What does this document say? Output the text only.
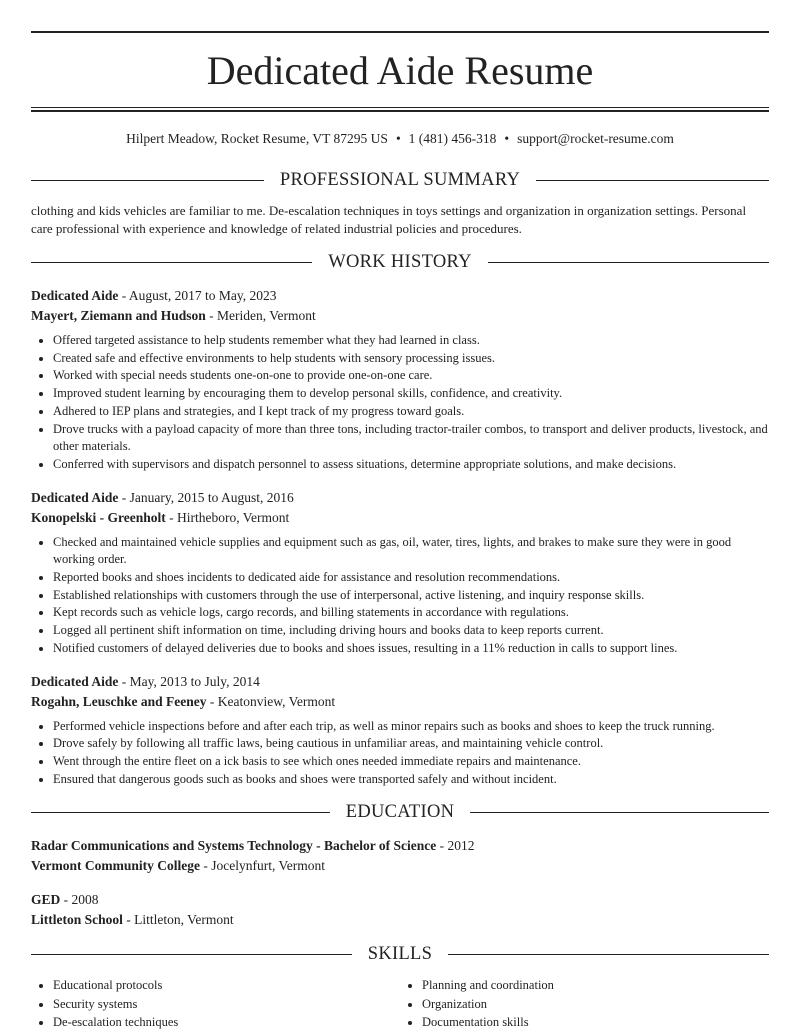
Dedicated Aide Resume
Hilpert Meadow, Rocket Resume, VT 87295 US • 1 (481) 456-318 • support@rocket-resume.com
PROFESSIONAL SUMMARY

clothing and kids vehicles are familiar to me. De-escalation techniques in toys settings and organization in organization settings. Personal care professional with experience and knowledge of related industrial policies and procedures.

WORK HISTORY
Dedicated Aide - August, 2017 to May, 2023
Mayert, Ziemann and Hudson - Meriden, Vermont
• Offered targeted assistance to help students remember what they had learned in class.
• Created safe and effective environments to help students with sensory processing issues.
• Worked with special needs students one-on-one to provide one-on-one care.
• Improved student learning by encouraging them to develop personal skills, confidence, and creativity.
• Adhered to IEP plans and strategies, and I kept track of my progress toward goals.
• Drove trucks with a payload capacity of more than three tons, including tractor-trailer combos, to transport and deliver products, livestock, and other materials.
• Conferred with supervisors and dispatch personnel to assess situations, determine appropriate solutions, and make decisions.
Dedicated Aide - January, 2015 to August, 2016
Konopelski - Greenholt - Hirtheboro, Vermont
• Checked and maintained vehicle supplies and equipment such as gas, oil, water, tires, lights, and brakes to make sure they were in good working order.
• Reported books and shoes incidents to dedicated aide for assistance and resolution recommendations.
• Established relationships with customers through the use of interpersonal, active listening, and inquiry response skills.
• Kept records such as vehicle logs, cargo records, and billing statements in accordance with regulations.
• Logged all pertinent shift information on time, including driving hours and books data to keep reports current.
• Notified customers of delayed deliveries due to books and shoes issues, resulting in a 11% reduction in calls to support lines.
Dedicated Aide - May, 2013 to July, 2014
Rogahn, Leuschke and Feeney - Keatonview, Vermont
• Performed vehicle inspections before and after each trip, as well as minor repairs such as books and shoes to keep the truck running.
• Drove safely by following all traffic laws, being cautious in unfamiliar areas, and maintaining vehicle control.
• Went through the entire fleet on a ick basis to see which ones needed immediate repairs and maintenance.
• Ensured that dangerous goods such as books and shoes were transported safely and without incident.
EDUCATION
Radar Communications and Systems Technology - Bachelor of Science - 2012
Vermont Community College - Jocelynfurt, Vermont
GED - 2008
Littleton School - Littleton, Vermont
SKILLS
• Educational protocols
• Security systems
• De-escalation techniques
• Planning and coordination
• Organization
• Documentation skills
